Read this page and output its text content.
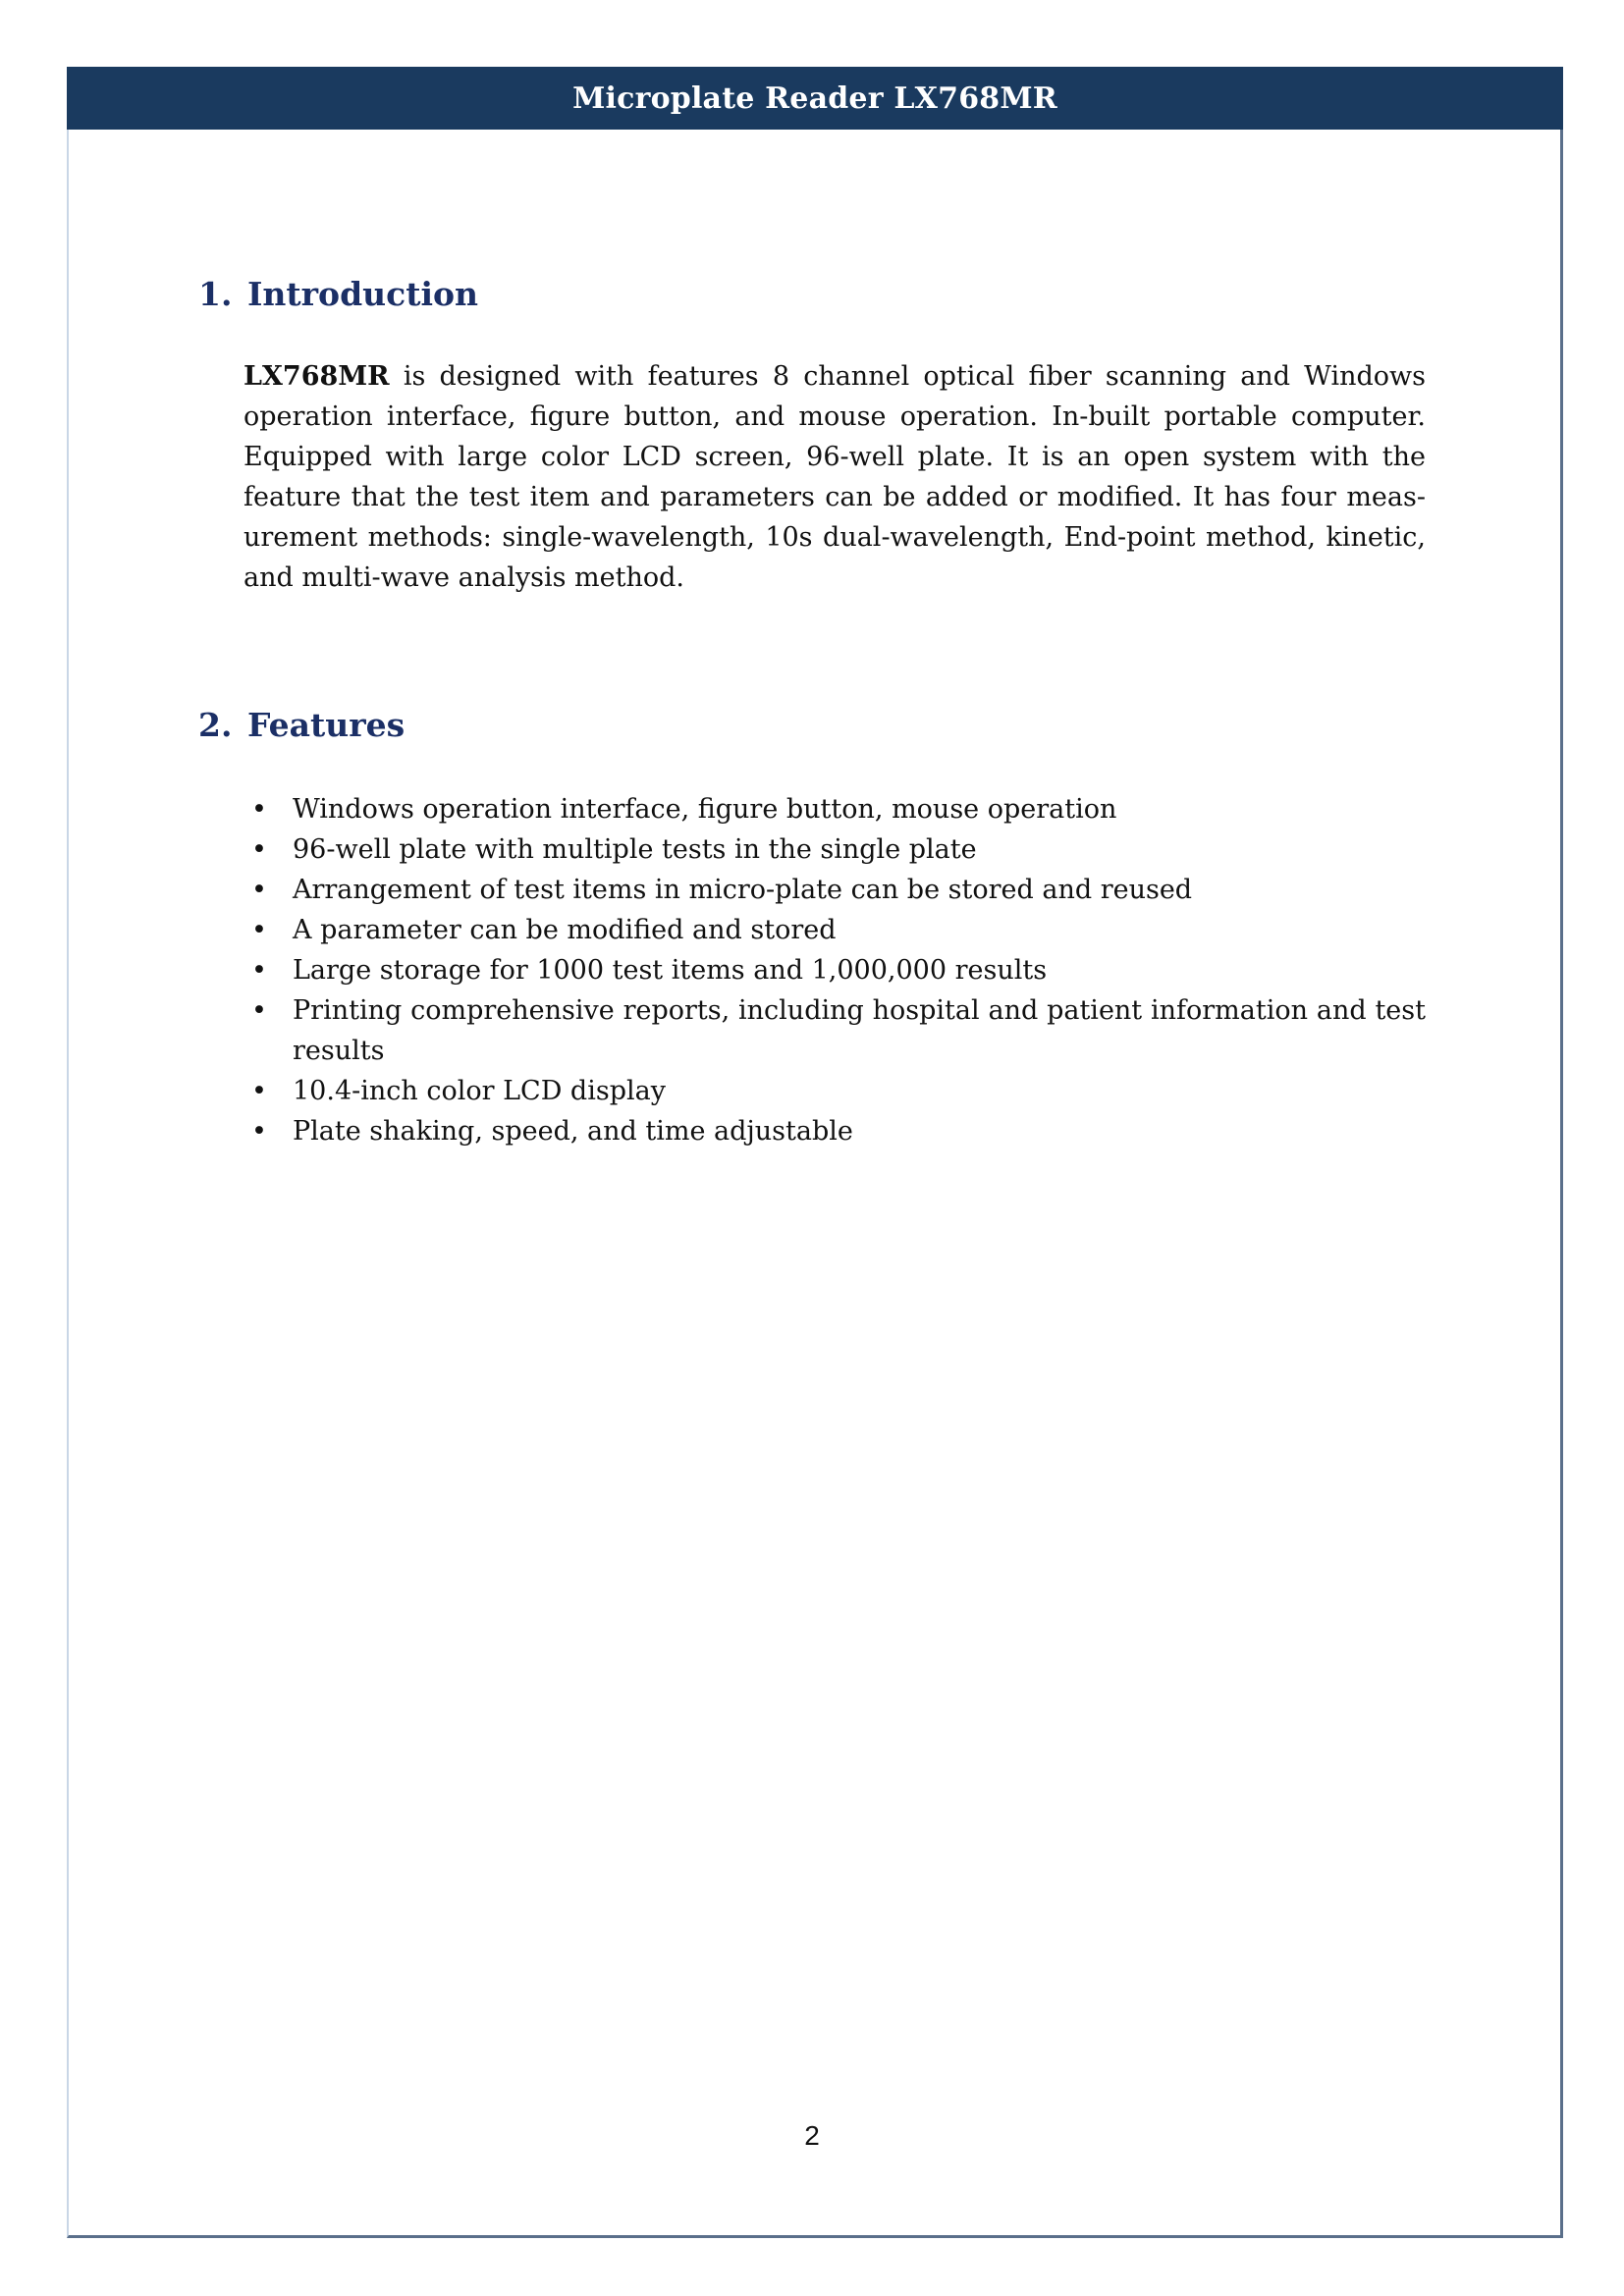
Microplate Reader LX768MR
1. Introduction

LX768MR is designed with features 8 channel optical fiber scanning and Windows operation interface, figure button, and mouse operation. In-built portable computer. Equipped with large color LCD screen, 96-well plate. It is an open system with the feature that the test item and parameters can be added or modified. It has four measurement methods: single-wavelength, 10s dual-wavelength, End-point method, kinetic, and multi-wave analysis method.

2. Features
• Windows operation interface, figure button, mouse operation
• 96-well plate with multiple tests in the single plate
• Arrangement of test items in micro-plate can be stored and reused
• A parameter can be modified and stored
• Large storage for 1000 test items and 1,000,000 results
• Printing comprehensive reports, including hospital and patient information and test results
• 10.4-inch color LCD display
• Plate shaking, speed, and time adjustable
2
